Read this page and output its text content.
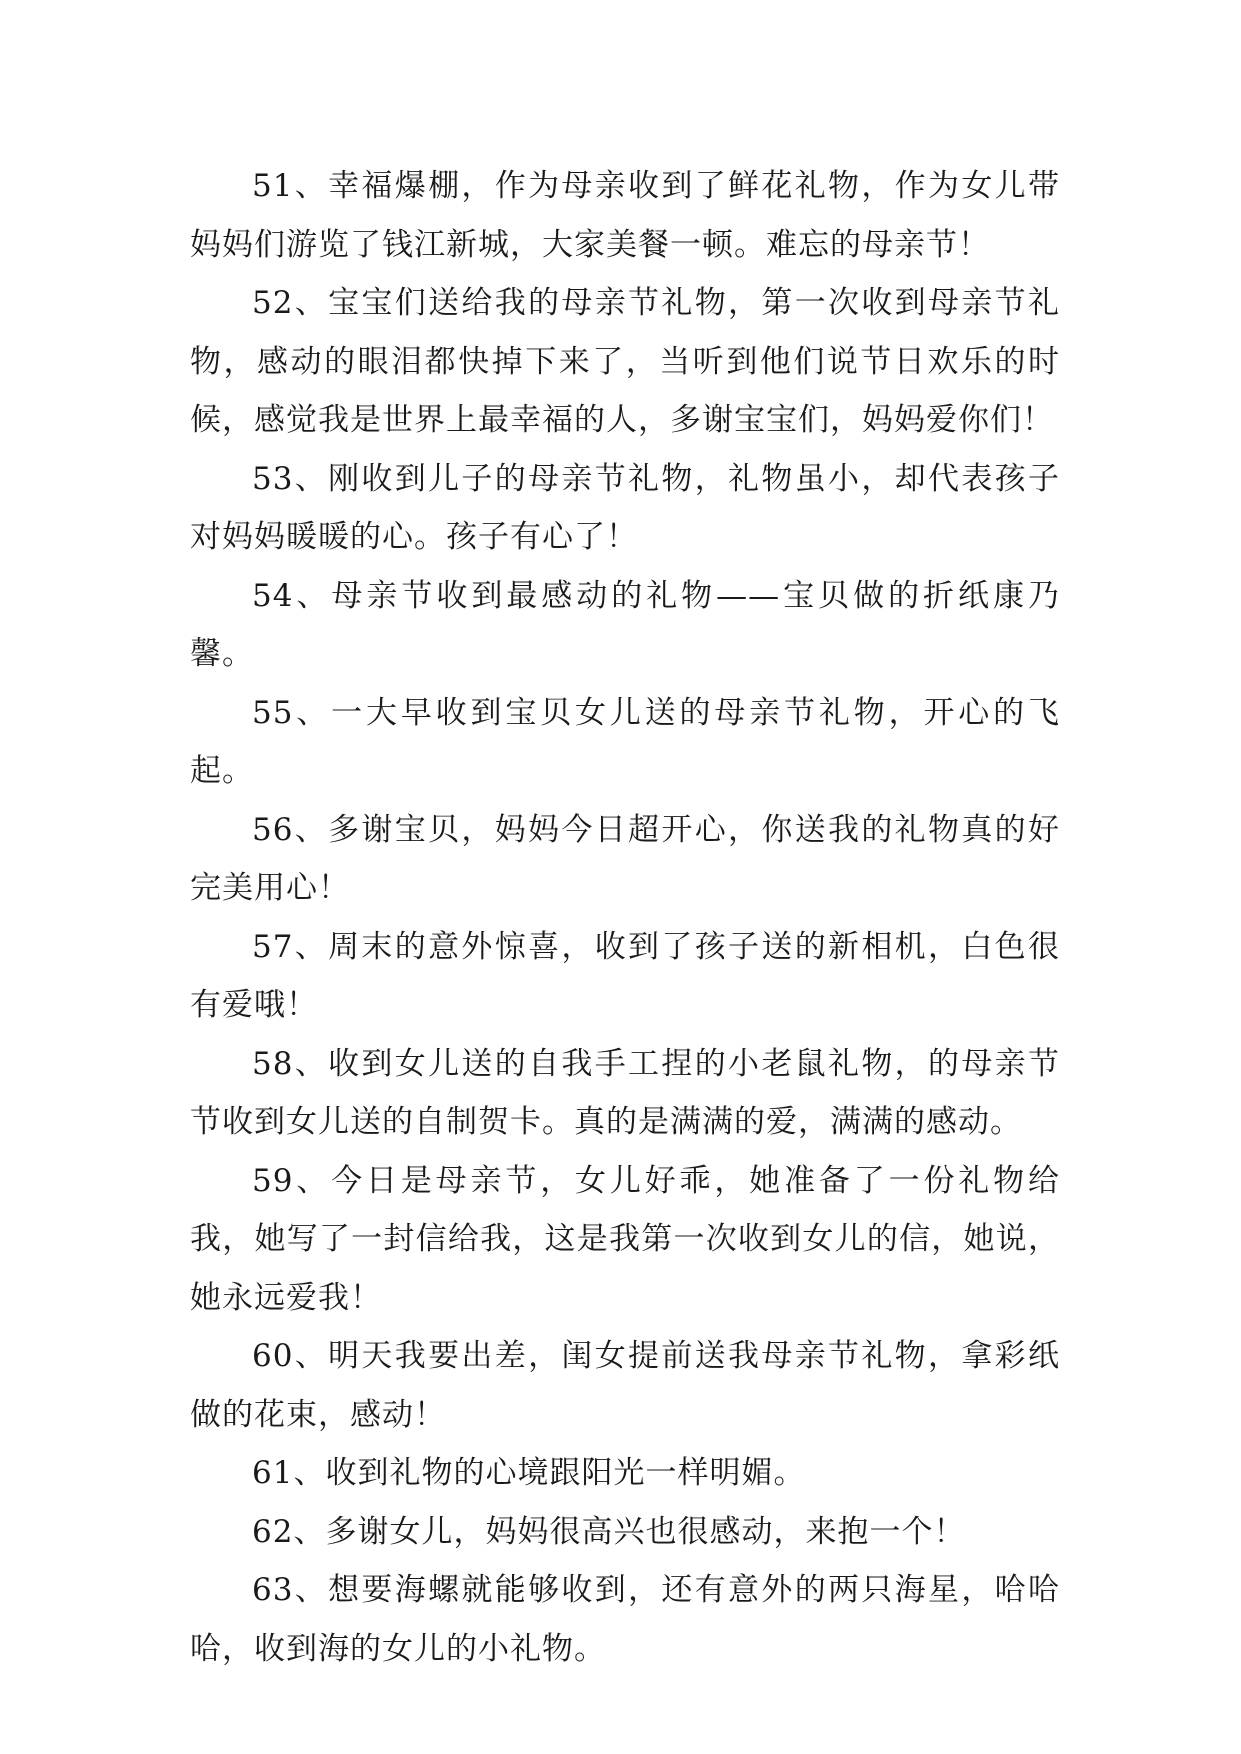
51、幸福爆棚，作为母亲收到了鲜花礼物，作为女儿带妈妈们游览了钱江新城，大家美餐一顿。难忘的母亲节！

52、宝宝们送给我的母亲节礼物，第一次收到母亲节礼物，感动的眼泪都快掉下来了，当听到他们说节日欢乐的时候，感觉我是世界上最幸福的人，多谢宝宝们，妈妈爱你们！

53、刚收到儿子的母亲节礼物，礼物虽小，却代表孩子对妈妈暖暖的心。孩子有心了！

54、母亲节收到最感动的礼物——宝贝做的折纸康乃馨。

55、一大早收到宝贝女儿送的母亲节礼物，开心的飞起。

56、多谢宝贝，妈妈今日超开心，你送我的礼物真的好完美用心！

57、周末的意外惊喜，收到了孩子送的新相机，白色很有爱哦！

58、收到女儿送的自我手工捏的小老鼠礼物，的母亲节节收到女儿送的自制贺卡。真的是满满的爱，满满的感动。

59、今日是母亲节，女儿好乖，她准备了一份礼物给我，她写了一封信给我，这是我第一次收到女儿的信，她说，她永远爱我！

60、明天我要出差，闺女提前送我母亲节礼物，拿彩纸做的花束，感动！

61、收到礼物的心境跟阳光一样明媚。

62、多谢女儿，妈妈很高兴也很感动，来抱一个！

63、想要海螺就能够收到，还有意外的两只海星，哈哈哈，收到海的女儿的小礼物。
